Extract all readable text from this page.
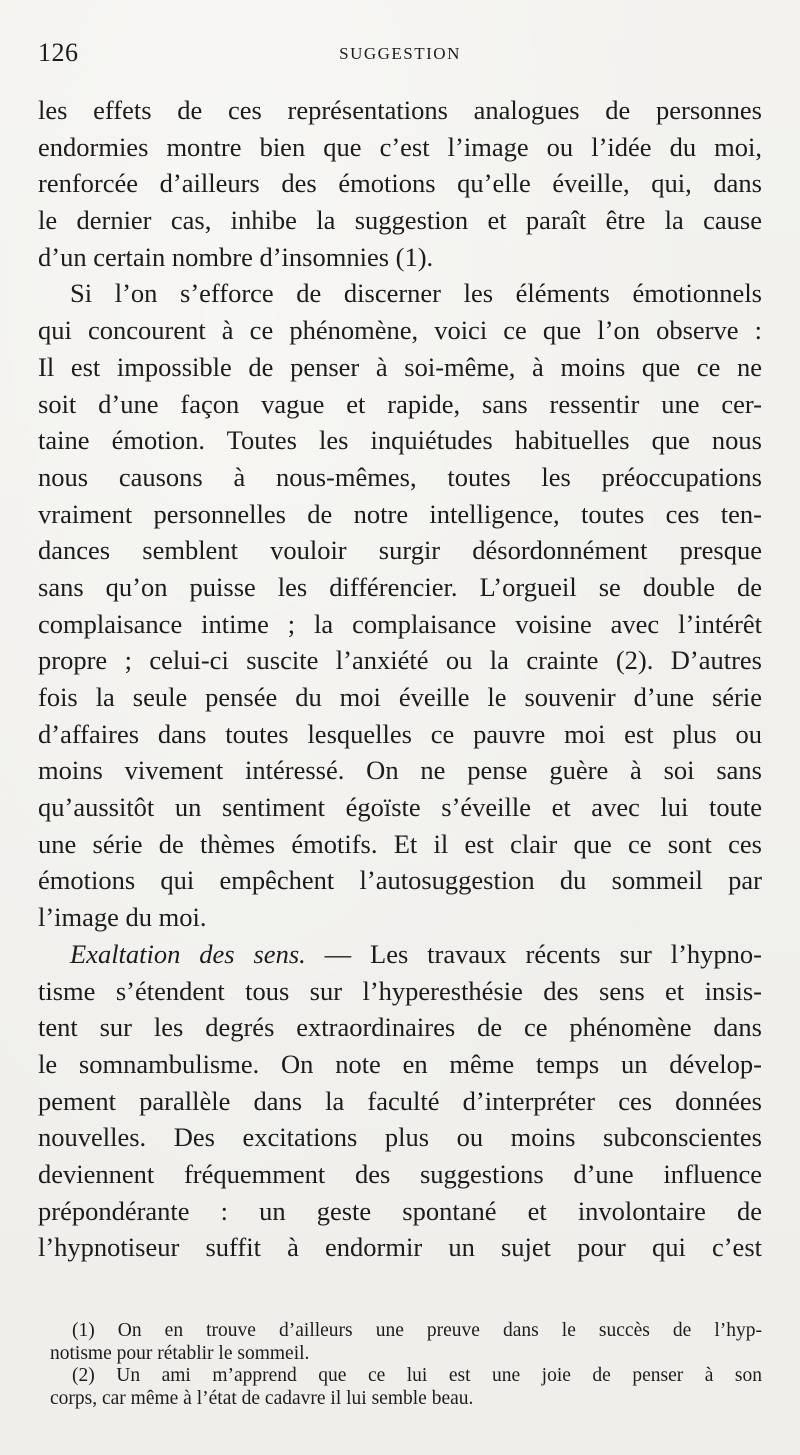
126	SUGGESTION
les effets de ces représentations analogues de personnes
endormies montre bien que c’est l’image ou l’idée du moi,
renforcée d’ailleurs des émotions qu’elle éveille, qui, dans
le dernier cas, inhibe la suggestion et paraît être la cause
d’un certain nombre d’insomnies (1).
Si l’on s’efforce de discerner les éléments émotionnels
qui concourent à ce phénomène, voici ce que l’on observe :
Il est impossible de penser à soi-même, à moins que ce ne
soit d’une façon vague et rapide, sans ressentir une cer-
taine émotion. Toutes les inquiétudes habituelles que nous
nous causons à nous-mêmes, toutes les préoccupations
vraiment personnelles de notre intelligence, toutes ces ten-
dances semblent vouloir surgir désordonnément presque
sans qu’on puisse les différencier. L’orgueil se double de
complaisance intime ; la complaisance voisine avec l’intérêt
propre ; celui-ci suscite l’anxiété ou la crainte (2). D’autres
fois la seule pensée du moi éveille le souvenir d’une série
d’affaires dans toutes lesquelles ce pauvre moi est plus ou
moins vivement intéressé. On ne pense guère à soi sans
qu’aussitôt un sentiment égoïste s’éveille et avec lui toute
une série de thèmes émotifs. Et il est clair que ce sont ces
émotions qui empêchent l’autosuggestion du sommeil par
l’image du moi.
Exaltation des sens. — Les travaux récents sur l’hypno-
tisme s’étendent tous sur l’hyperesthésie des sens et insis-
tent sur les degrés extraordinaires de ce phénomène dans
le somnambulisme. On note en même temps un dévelop-
pement parallèle dans la faculté d’interpréter ces données
nouvelles. Des excitations plus ou moins subconscientes
deviennent fréquemment des suggestions d’une influence
prépondérante : un geste spontané et involontaire de
l’hypnotiseur suffit à endormir un sujet pour qui c’est
(1) On en trouve d’ailleurs une preuve dans le succès de l’hyp-
notisme pour rétablir le sommeil.
(2) Un ami m’apprend que ce lui est une joie de penser à son
corps, car même à l’état de cadavre il lui semble beau.
